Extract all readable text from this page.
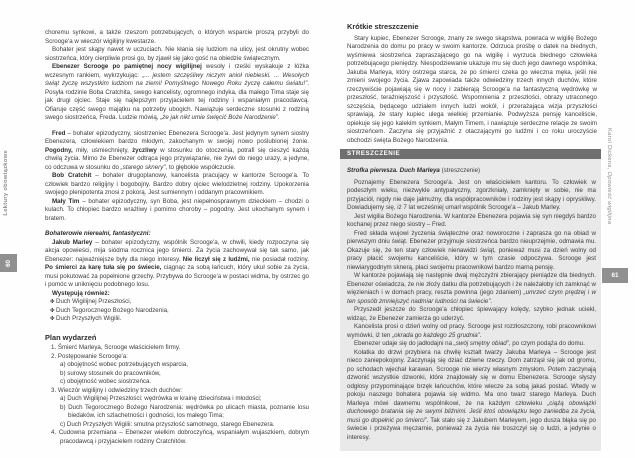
Lektury obowiązkowe
60
choremu synkowi, a także rzeszom potrzebujących, o których wsparcie proszą przybyli do Scrooge'a w wieczór wigilijny kwestarze.
Bohater jest skąpy nawet w uczuciach. Nie kłania się ludziom na ulicy, jest okrutny wobec siostrzeńca, który cierpliwie prosi go, by zjawił się jako gość na obiedzie świątecznym.
Ebenezer Scrooge po pamiętnej nocy wigilijnej wesoły i rześki wyskakuje z łóżka wczesnym rankiem, wykrzykując: „... jestem szczęśliwy niczym anioł niebieski. ... Wesołych świąt życzę wszystkim ludziom na ziemi! Pomyślnego Nowego Roku życzę całemu światu!”. Posyła rodzinie Boba Cratchita, swego kancelisty, ogromnego indyka, dla małego Tima staje się jak drugi ojciec. Staje się najlepszym przyjacielem tej rodziny i wspaniałym pracodawcą. Ofiaruje część swego majątku na potrzeby ubogich. Nawiązuje serdeczne stosunki z rodziną swego siostrzeńca, Freda. Ludzie mówią, „że jak nikt umie święcić Boże Narodzenie”.
Fred – bohater epizodyczny, siostrzeniec Ebenezera Scrooge'a. Jest jedynym synem siostry Ebenezera, człowiekiem bardzo młodym, zakochanym w swojej nowo poślubionej żonie. Pogodny, miły, uśmiechnięty, życzliwy w stosunku do otoczenia, potrafi się cieszyć każdą chwilą życia. Mimo że Ebenezer odtrąca jego przywiązanie, nie żywi do niego urazy, a jedyne, co odczuwa w stosunku do „starego sknery”, to głębokie współczucie.
Bob Cratchit – bohater drugoplanowy, kancelista pracujący w kantorze Scrooge'a. To człowiek bardzo religijny i bogobojny. Bardzo dobry ojciec wielodzietnej rodziny. Upokorzenia swojego plenipotenta znosi z pokorą. Jest sumiennym i oddanym pracownikiem.
Mały Tim – bohater epizodyczny, syn Boba, jest niepełnosprawnym dzieckiem – chodzi o kulach. To chłopiec bardzo wrażliwy i pomimo choroby – pogodny. Jest ukochanym synem i bratem.
Bohaterowie nierealni, fantastyczni:
Jakub Marley – bohater epizodyczny, wspólnik Scrooge'a, w chwili, kiedy rozpoczyna się akcja opowieści, mija siódma rocznica jego śmierci. Za życia zachowywał się tak samo, jak Ebenezer: najważniejsze były dla niego interesy. Nie liczył się z ludźmi, nie posiadał rodziny. Po śmierci za karę tuła się po świecie, ciągnąc za sobą łańcuch, który ukuł sobie za życia, musi pokutować za popełnione grzechy. Przybywa do Scrooge'a w postaci widma, by ostrzec go i pomóc w uniknięciu podobnego losu.
Występują również:
✤ Duch Wigilijnej Przeszłości,
✤ Duch Tegorocznego Bożego Narodzenia,
✤ Duch Przyszłych Wigilii.
Plan wydarzeń
1. Śmierć Marleya, Scrooge właścicielem firmy.
2. Postępowanie Scrooge'a:
a) obojętność wobec potrzebujących wsparcia,
b) surowy stosunek do pracowników,
c) obojętność wobec siostrzeńca.
3. Wieczór wigilijny i odwiedziny trzech duchów:
a) Duch Wigilijnej Przeszłości: wędrówka w krainę dzieciństwa i młodości;
b) Duch Tegorocznego Bożego Narodzenia: wędrówka po ulicach miasta, poznanie losu biedaków, ich szlachetności i godności, los małego Tima;
c) Duch Przyszłych Wigilii: smutna przyszłość samotnego, starego Ebenezera.
4. Cudowna przemiana – Ebenezer wielkim dobroczyńcą, wspaniałym wujaszkiem, dobrym pracodawcą i przyjacielem rodziny Cratchitów.
Krótkie streszczenie
Stary kupiec, Ebenezer Scrooge, znany ze swego skąpstwa, powraca w wigilię Bożego Narodzenia do domu po pracy w swoim kantorze. Odrzuca prośbę o datek na biednych, wyśmiewa siostrzeńca zapraszającego go na wigilię i wyrzuca biednego człowieka potrzebującego pieniędzy. Niespodziewanie ukazuje mu się duch jego dawnego wspólnika, Jakuba Marleya, który ostrzega starca, że po śmierci czeka go wieczna męka, jeśli nie zmieni swojego życia. Zjawa zapowiada także odwiedziny trzech innych duchów, które rzeczywiście pojawiają się w nocy i zabierają Scrooge'a na fantastyczną wędrówkę w przeszłość, teraźniejszość i przyszłość. Wspomnienia z przeszłości, obrazy utraconego szczęścia, będącego udziałem innych ludzi wokół, i przerażająca wizja przyszłości sprawiają, że stary kupiec ulega wielkiej przemianie. Podwyższa pensję kanceliście, opiekuje się jego kalekim synkiem, Małym Timem, i nawiązuje serdeczne relacje ze swoim siostrzeńcem. Zaczyna się przyjaźnić z otaczającymi go ludźmi i co roku uroczyście obchodzi święta Bożego Narodzenia.
STRESZCZENIE
Strofka pierwsza. Duch Marleya (streszczenie)
Poznajemy Ebenezera Scrooge'a. Jest on właścicielem kantoru. To człowiek w podeszłym wieku, niezwykle antypatyczny, zgorzkniały, zamknięty w sobie, nie ma przyjaciół, nigdy nie daje jałmużny, dla współpracowników i rodziny jest skąpy i opryskliwy. Dowiadujemy się, iż 7 lat wcześniej umarł wspólnik Scrooge'a – Jakub Marley.
Jest wigilia Bożego Narodzenia. W kantorze Ebenezera pojawia się syn niegdyś bardzo kochanej przez niego siostry – Fred.
Fred składa wujowi życzenia świąteczne oraz noworoczne i zaprasza go na obiad w pierwszym dniu świąt. Ebenezer przyjmuje siostrzeńca bardzo nieuprzejmie, odmawia mu. Okazuje się, że ten stary człowiek nienawidzi świąt, ponieważ musi za dzień wolny od pracy płacić swojemu kanceliście, który w tym czasie odpoczywa. Scrooge jest niewiarygodnym sknerą, płaci swojemu pracownikowi bardzo marną pensję.
W kantorze pojawiają się następnie dwaj mężczyźni zbierający pieniądze dla biednych. Ebenezer oświadcza, że nie złoży datku dla potrzebujących i że należałoby ich zamknąć w więzieniach i w domach pracy, reszta powinna (jego zdaniem) „umrzeć czym prędzej i w ten sposób zmniejszyć nadmiar ludności na świecie”.
Przyszedł jeszcze do Scrooge'a chłopiec śpiewający kolędy, szybko jednak uciekł, widząc, że Ebenezer zamierza go uderzyć.
Kancelista prosi o dzień wolny od pracy. Scrooge jest rozzłoszczony, robi pracownikowi wymówki, iż ten „okrada go każdego 25 grudnia”.
Ebenezer udaje się do jadłodajni na „swój smętny obiad”, po czym podąża do domu.
Kołatka do drzwi przybiera na chwilę kształt twarzy Jakuba Marleya – Scrooge jest nieco zaniepokojony. Zaczynają się dziać dziwne rzeczy. Dom zatrząsł się jak od gromu, po schodach wjechał karawan. Scrooge nie wierzy własnym zmysłom. Potem zaczynają dzwonić wszystkie dzwonki, które znajdowały się w domu Ebenezera. Scrooge słyszy odgłosy przypominające brzęk łańcuchów, które wlecze za sobą jakaś postać. Wtedy w pokoju naszego bohatera pojawia się widmo. Ma ono twarz starego Marleya. Duch Marleya mówi dawnemu wspólnikowi, że na każdym człowieku „ciążą obowiązki duchowego bratania się ze swymi bliźnimi. Jeśli ktoś obowiązku tego zaniedba za życia, musi go dopełnić po śmierci”. Tak stało się z Jakubem Marleyem, jego dusza błąka się po świecie i przeżywa męczarnie, ponieważ za życia nie troszczył się o ludzi, a jedynie o interesy.
Karol Dickens, Opowieść wigilijna
61
